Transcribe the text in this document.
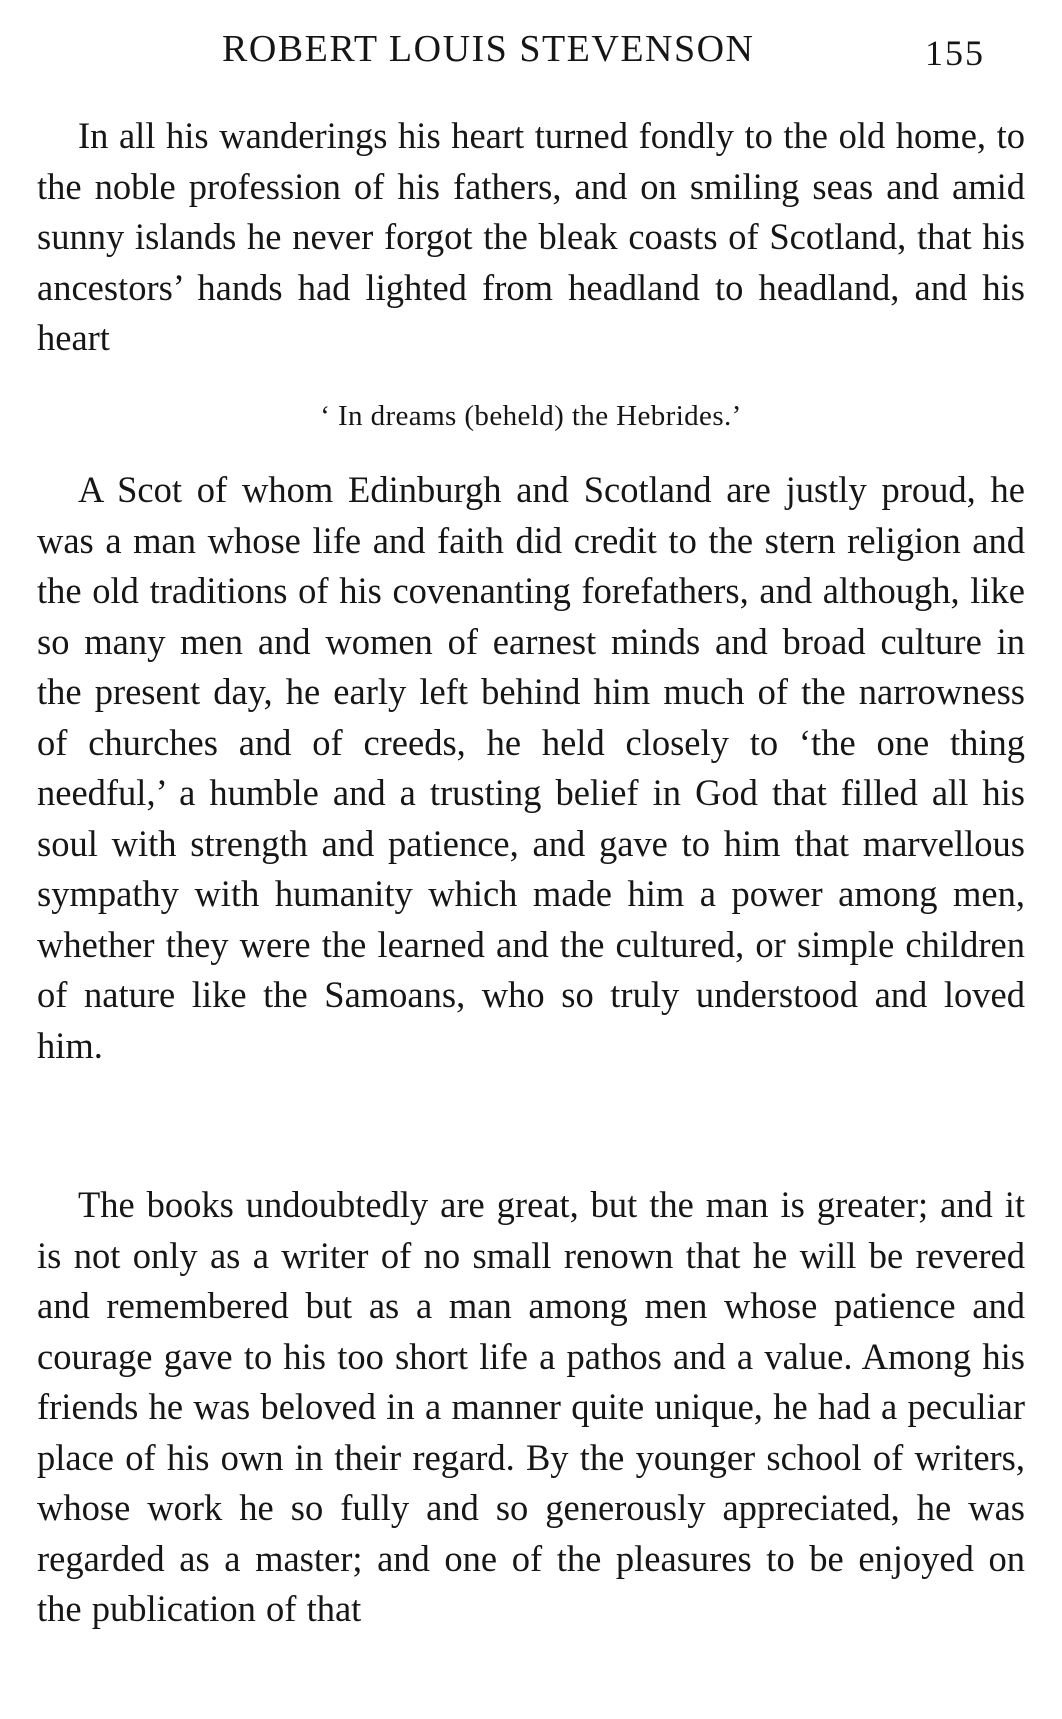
ROBERT LOUIS STEVENSON	155

In all his wanderings his heart turned fondly to the old home, to the noble profession of his fathers, and on smiling seas and amid sunny islands he never forgot the bleak coasts of Scotland, that his ancestors’ hands had lighted from headland to headland, and his heart

‘ In dreams (beheld) the Hebrides.’

A Scot of whom Edinburgh and Scotland are justly proud, he was a man whose life and faith did credit to the stern religion and the old traditions of his covenanting forefathers, and although, like so many men and women of earnest minds and broad culture in the present day, he early left behind him much of the narrowness of churches and of creeds, he held closely to ‘the one thing needful,’ a humble and a trusting belief in God that filled all his soul with strength and patience, and gave to him that marvellous sympathy with humanity which made him a power among men, whether they were the learned and the cultured, or simple children of nature like the Samoans, who so truly understood and loved him.

The books undoubtedly are great, but the man is greater; and it is not only as a writer of no small renown that he will be revered and remembered but as a man among men whose patience and courage gave to his too short life a pathos and a value. Among his friends he was beloved in a manner quite unique, he had a peculiar place of his own in their regard. By the younger school of writers, whose work he so fully and so generously appreciated, he was regarded as a master; and one of the pleasures to be enjoyed on the publication of that
